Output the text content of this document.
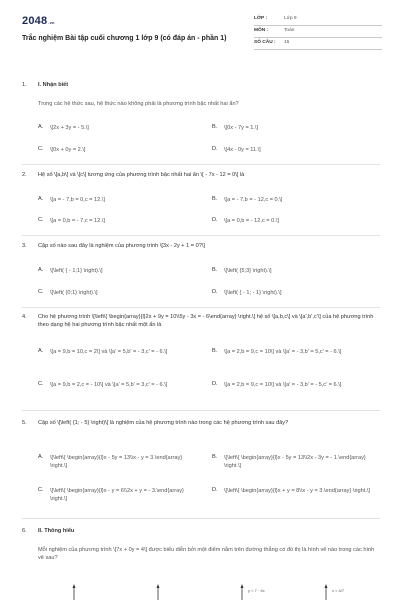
2048.vn
Trắc nghiệm Bài tập cuối chương 1 lớp 9 (có đáp án - phần 1)
LỚP :	Lớp 9
MÔN :	Toán
SỐ CÂU :	15
1.	I. Nhận biết
Trong các hệ thức sau, hệ thức nào không phải là phương trình bậc nhất hai ẩn?
A.	\[2x + 3y = - 5.\]	B.	\[0x - 7y = 1.\]
C.	\[0x + 0y = 2.\]	D.	\[4x - 0y = 11.\]
2.	Hệ số \[a,b\] và \[c\] tương ứng của phương trình bậc nhất hai ẩn \[ - 7x - 12 = 0\] là
A.	\[a = - 7,b = 0,c = 12.\]	B.	\[a = - 7,b = - 12,c = 0.\]
C.	\[a = 0,b = - 7,c = 12.\]	D.	\[a = 0,b = - 12,c = 0.\]
3.	Cặp số nào sau đây là nghiệm của phương trình \[3x - 2y + 1 = 0?\]
A.	\[\left( { - 1;1} \right).\]	B.	\[\left( {5;3} \right).\]
C.	\[\left( {0;1} \right).\]	D.	\[\left( { - 1; - 1} \right).\]
4.	Cho hệ phương trình \[\left\{ \begin{array}{l}2x + 9y = 10\\5y - 3x = - 6\end{array} \right.\] hệ số \[a,b,c\] và \[a',b',c'\] của hệ phương trình theo dạng hệ hai phương trình bậc nhất một ẩn là
A.	\[a = 9,b = 10,c = 2\] và \[a' = 5,b' = - 3,c' = - 6.\]	B.	\[a = 2,b = 9,c = 10\] và \[a' = - 3,b' = 5,c' = - 6.\]
C.	\[a = 9,b = 2,c = - 10\] và \[a' = 5,b' = 3,c' = - 6.\]	D.	\[a = 2,b = 9,c = 10\] và \[a' = - 3,b' = - 5,c' = 6.\]
5.	Cặp số \[\left( {1; - 5} \right)\] là nghiệm của hệ phương trình nào trong các hệ phương trình sau đây?
A.	\[\left\{ \begin{array}{l}x - 5y = 13\\x - y = 3.\end{array} \right.\]
B.	\[\left\{ \begin{array}{l}x - 5y = 13\\2x - 3y = - 1.\end{array} \right.\]
C.	\[\left\{ \begin{array}{l}x - y = 6\\2x + y = - 3.\end{array} \right.\]
D.	\[\left\{ \begin{array}{l}x + y = 8\\x - y = 3.\end{array} \right.\]
6.	II. Thông hiểu
Mỗi nghiệm của phương trình \[7x + 0y = 4\] được biểu diễn bởi một điểm nằm trên đường thẳng có đồ thị là hình vẽ nào trong các hình vẽ sau?
y = 7 · 4x	x = 4/7
